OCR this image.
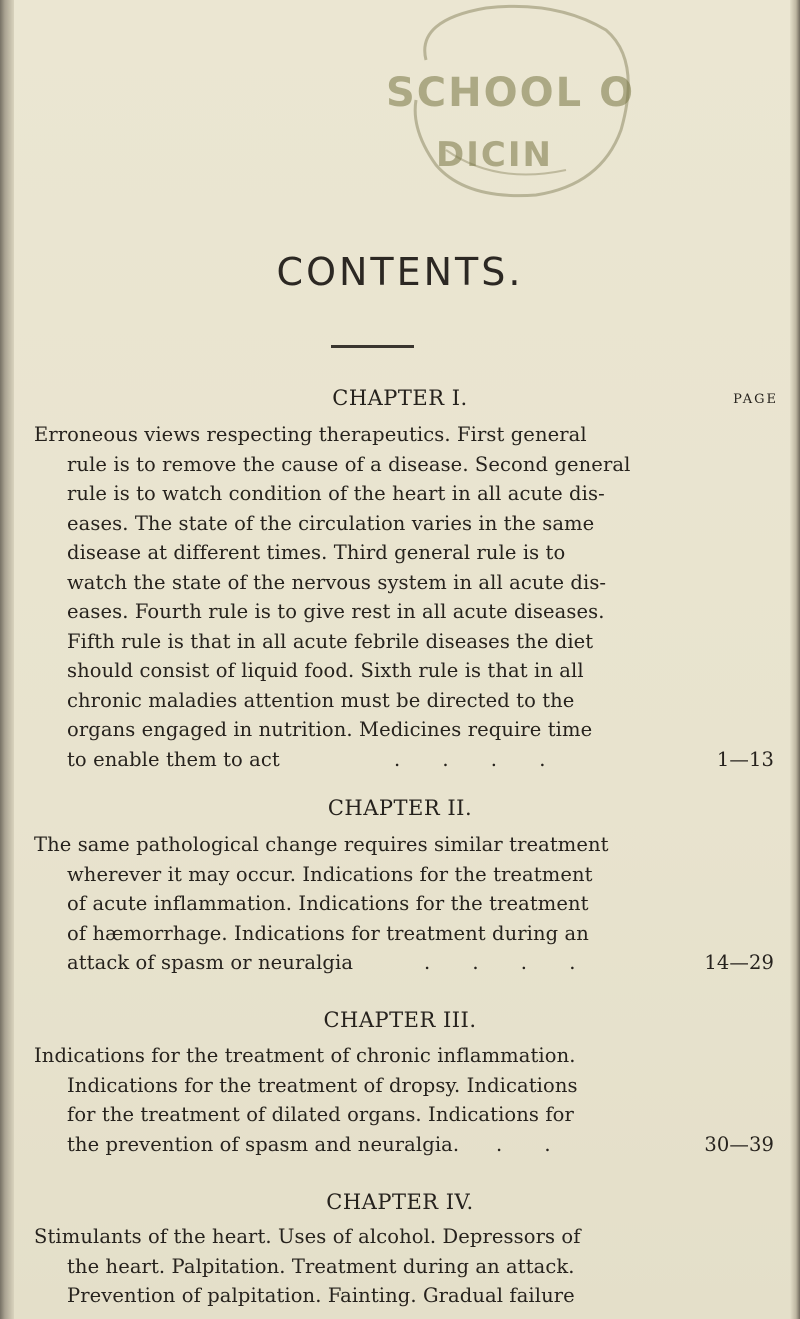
SCHOOL O
DICIN
CONTENTS.
PAGE
CHAPTER I.
Erroneous views respecting therapeutics. First general
rule is to remove the cause of a disease. Second general
rule is to watch condition of the heart in all acute dis-
eases. The state of the circulation varies in the same
disease at different times. Third general rule is to
watch the state of the nervous system in all acute dis-
eases. Fourth rule is to give rest in all acute diseases.
Fifth rule is that in all acute febrile diseases the diet
should consist of liquid food. Sixth rule is that in all
chronic maladies attention must be directed to the
organs engaged in nutrition. Medicines require time
to enable them to act	. . . .	1—13
CHAPTER II.
The same pathological change requires similar treatment
wherever it may occur. Indications for the treatment
of acute inflammation. Indications for the treatment
of hæmorrhage. Indications for treatment during an
attack of spasm or neuralgia	. . . .	14—29
CHAPTER III.
Indications for the treatment of chronic inflammation.
Indications for the treatment of dropsy. Indications
for the treatment of dilated organs. Indications for
the prevention of spasm and neuralgia. . .	30—39
CHAPTER IV.
Stimulants of the heart. Uses of alcohol. Depressors of
the heart. Palpitation. Treatment during an attack.
Prevention of palpitation. Fainting. Gradual failure
